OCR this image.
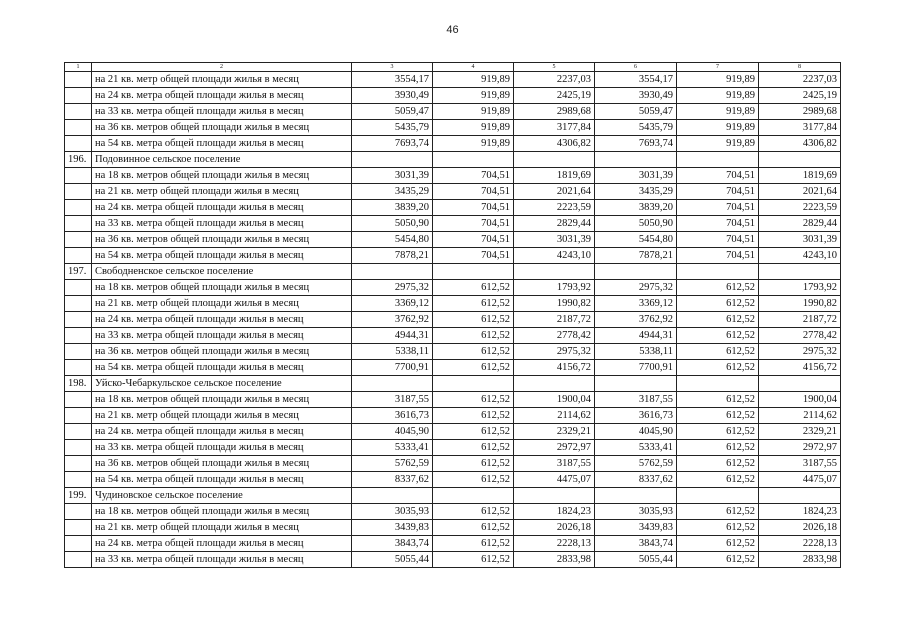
46
1	2	3	4	5	6	7	8
	на 21 кв. метр общей площади жилья в месяц	3554,17	919,89	2237,03	3554,17	919,89	2237,03
	на 24 кв. метра общей площади жилья в месяц	3930,49	919,89	2425,19	3930,49	919,89	2425,19
	на 33 кв. метра общей площади жилья в месяц	5059,47	919,89	2989,68	5059,47	919,89	2989,68
	на 36 кв. метров общей площади жилья в месяц	5435,79	919,89	3177,84	5435,79	919,89	3177,84
	на 54 кв. метра общей площади жилья в месяц	7693,74	919,89	4306,82	7693,74	919,89	4306,82
196.	Подовинное сельское поселение						
	на 18 кв. метров общей площади жилья в месяц	3031,39	704,51	1819,69	3031,39	704,51	1819,69
	на 21 кв. метр общей площади жилья в месяц	3435,29	704,51	2021,64	3435,29	704,51	2021,64
	на 24 кв. метра общей площади жилья в месяц	3839,20	704,51	2223,59	3839,20	704,51	2223,59
	на 33 кв. метра общей площади жилья в месяц	5050,90	704,51	2829,44	5050,90	704,51	2829,44
	на 36 кв. метров общей площади жилья в месяц	5454,80	704,51	3031,39	5454,80	704,51	3031,39
	на 54 кв. метра общей площади жилья в месяц	7878,21	704,51	4243,10	7878,21	704,51	4243,10
197.	Свободненское сельское поселение						
	на 18 кв. метров общей площади жилья в месяц	2975,32	612,52	1793,92	2975,32	612,52	1793,92
	на 21 кв. метр общей площади жилья в месяц	3369,12	612,52	1990,82	3369,12	612,52	1990,82
	на 24 кв. метра общей площади жилья в месяц	3762,92	612,52	2187,72	3762,92	612,52	2187,72
	на 33 кв. метра общей площади жилья в месяц	4944,31	612,52	2778,42	4944,31	612,52	2778,42
	на 36 кв. метров общей площади жилья в месяц	5338,11	612,52	2975,32	5338,11	612,52	2975,32
	на 54 кв. метра общей площади жилья в месяц	7700,91	612,52	4156,72	7700,91	612,52	4156,72
198.	Уйско-Чебаркульское сельское поселение						
	на 18 кв. метров общей площади жилья в месяц	3187,55	612,52	1900,04	3187,55	612,52	1900,04
	на 21 кв. метр общей площади жилья в месяц	3616,73	612,52	2114,62	3616,73	612,52	2114,62
	на 24 кв. метра общей площади жилья в месяц	4045,90	612,52	2329,21	4045,90	612,52	2329,21
	на 33 кв. метра общей площади жилья в месяц	5333,41	612,52	2972,97	5333,41	612,52	2972,97
	на 36 кв. метров общей площади жилья в месяц	5762,59	612,52	3187,55	5762,59	612,52	3187,55
	на 54 кв. метра общей площади жилья в месяц	8337,62	612,52	4475,07	8337,62	612,52	4475,07
199.	Чудиновское сельское поселение						
	на 18 кв. метров общей площади жилья в месяц	3035,93	612,52	1824,23	3035,93	612,52	1824,23
	на 21 кв. метр общей площади жилья в месяц	3439,83	612,52	2026,18	3439,83	612,52	2026,18
	на 24 кв. метра общей площади жилья в месяц	3843,74	612,52	2228,13	3843,74	612,52	2228,13
	на 33 кв. метра общей площади жилья в месяц	5055,44	612,52	2833,98	5055,44	612,52	2833,98
